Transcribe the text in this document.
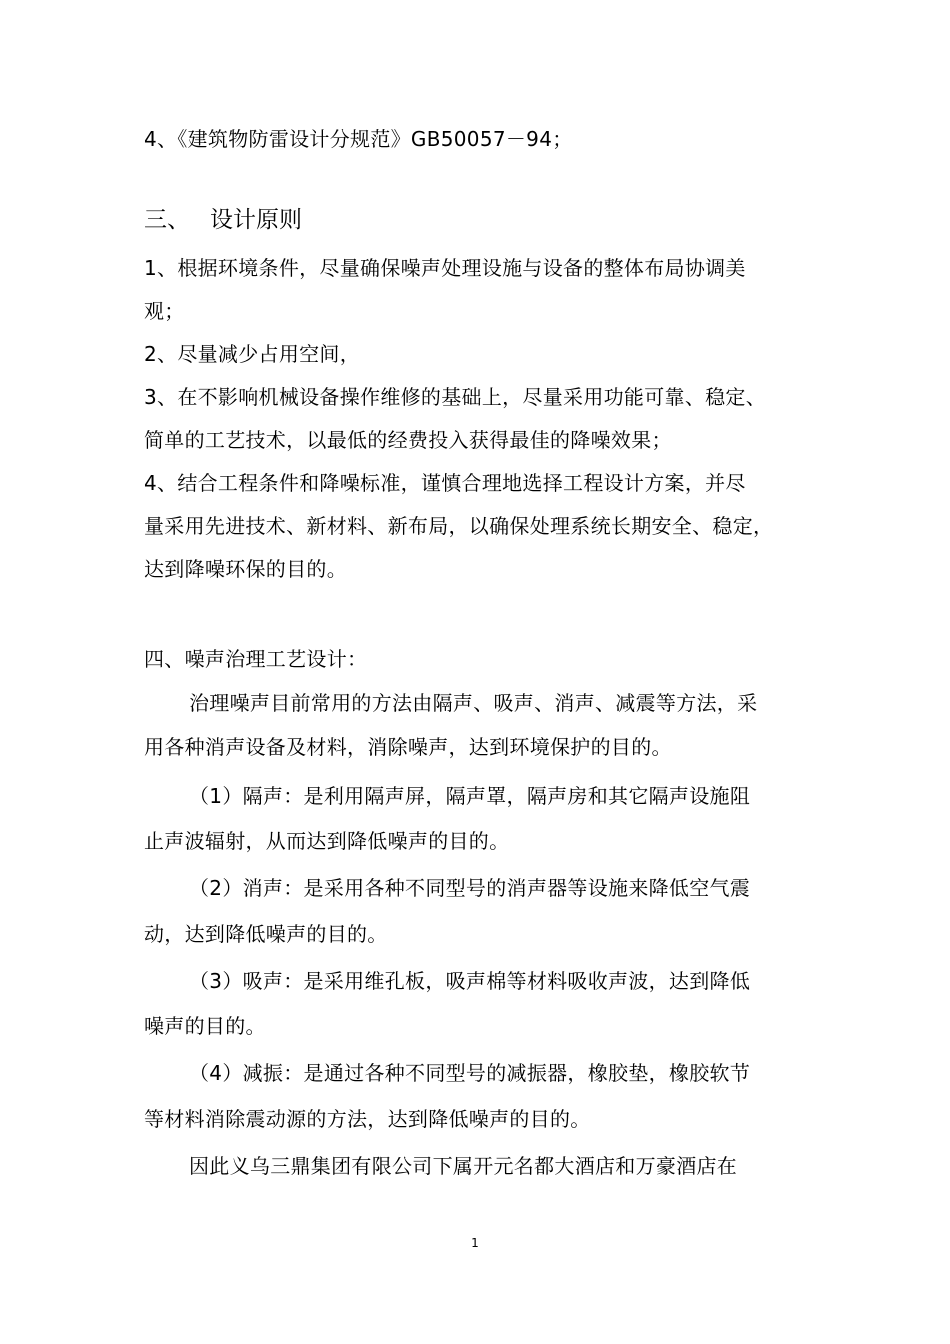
4、《建筑物防雷设计分规范》GB50057－94；
三、 设计原则
1、根据环境条件，尽量确保噪声处理设施与设备的整体布局协调美
观；
2、尽量减少占用空间，
3、在不影响机械设备操作维修的基础上，尽量采用功能可靠、稳定、
简单的工艺技术，以最低的经费投入获得最佳的降噪效果；
4、结合工程条件和降噪标准，谨慎合理地选择工程设计方案，并尽
量采用先进技术、新材料、新布局，以确保处理系统长期安全、稳定，
达到降噪环保的目的。
四、噪声治理工艺设计：
治理噪声目前常用的方法由隔声、吸声、消声、减震等方法，采
用各种消声设备及材料，消除噪声，达到环境保护的目的。
（1）隔声：是利用隔声屏，隔声罩，隔声房和其它隔声设施阻
止声波辐射，从而达到降低噪声的目的。
（2）消声：是采用各种不同型号的消声器等设施来降低空气震
动，达到降低噪声的目的。
（3）吸声：是采用维孔板，吸声棉等材料吸收声波，达到降低
噪声的目的。
（4）减振：是通过各种不同型号的减振器，橡胶垫，橡胶软节
等材料消除震动源的方法，达到降低噪声的目的。
因此义乌三鼎集团有限公司下属开元名都大酒店和万豪酒店在
1
